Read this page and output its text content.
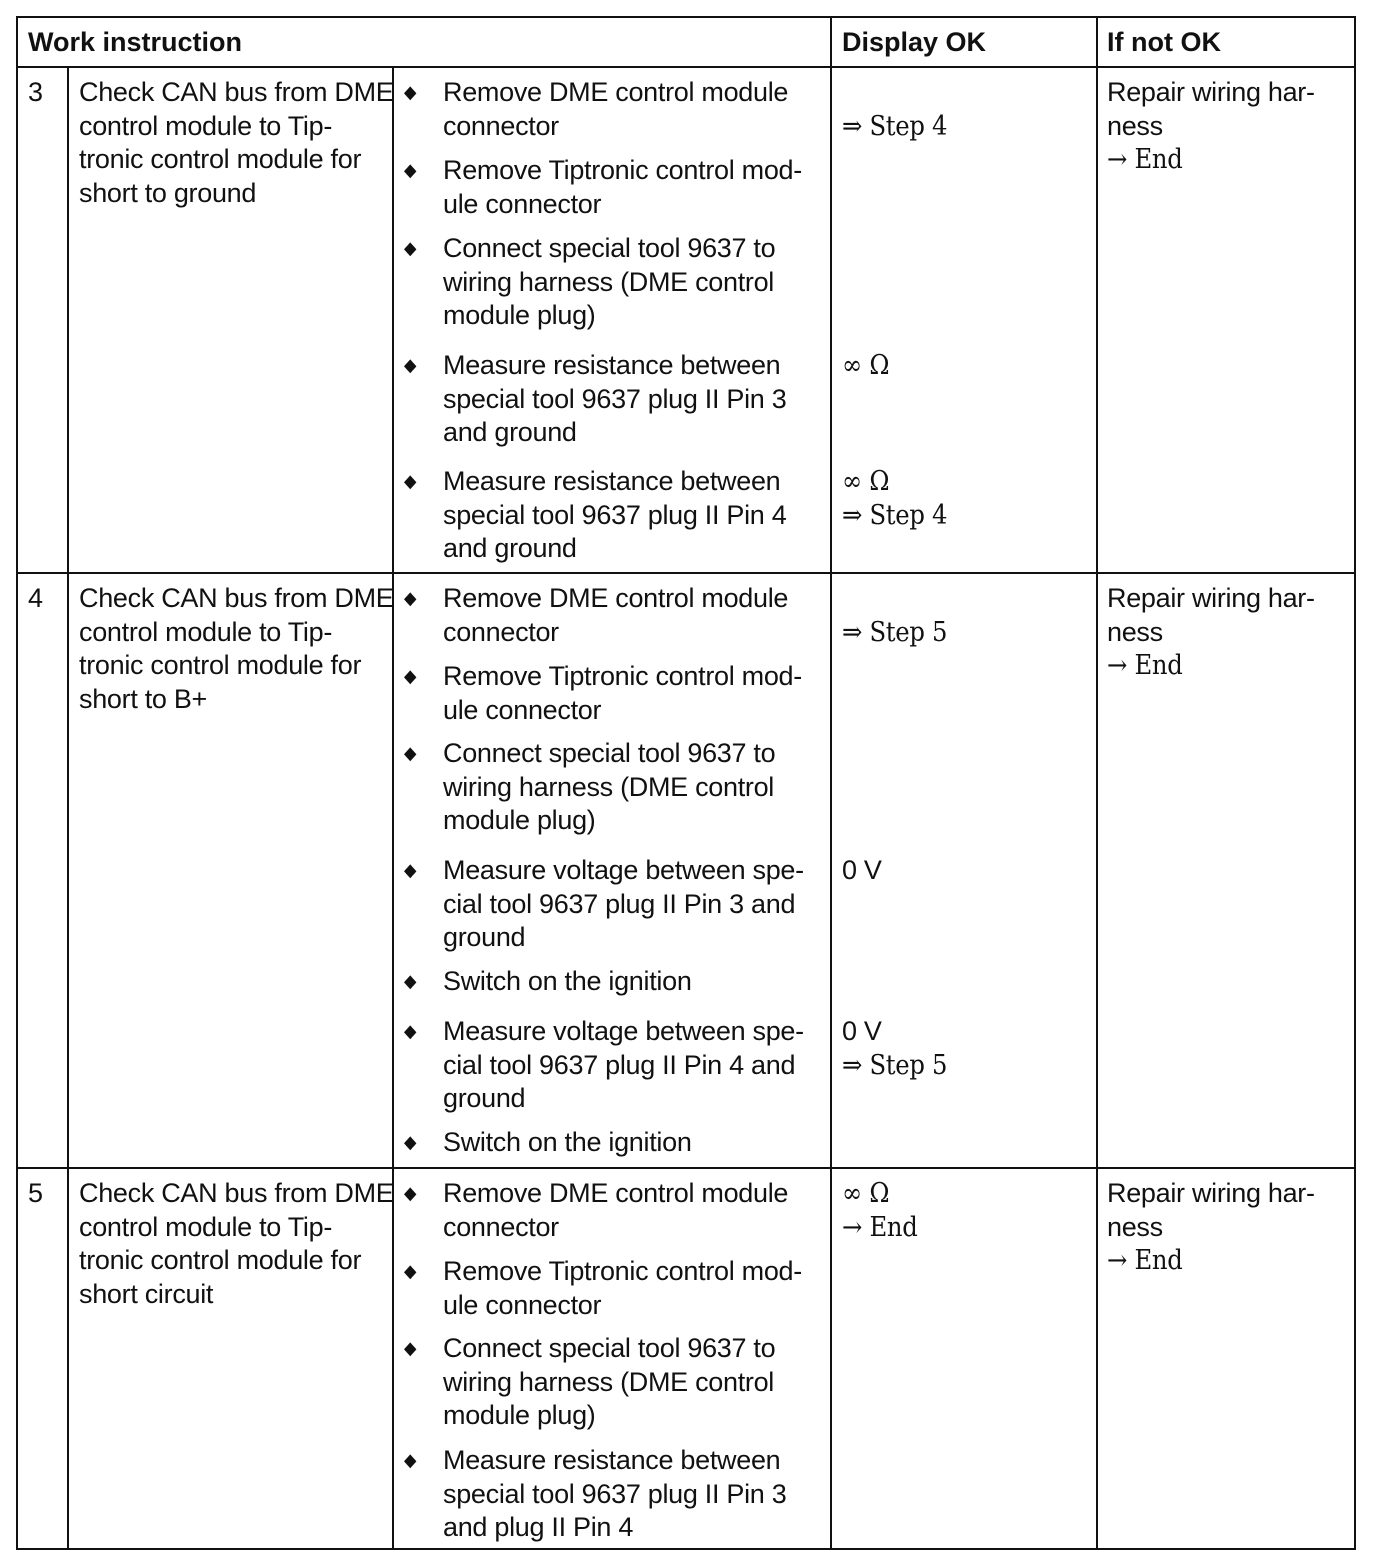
Work instruction	Display OK	If not OK
3 Check CAN bus from DME
control module to Tip-
tronic control module for
short to ground
◆ Remove DME control module
connector
◆ Remove Tiptronic control mod-
ule connector
◆ Connect special tool 9637 to
wiring harness (DME control
module plug)
◆ Measure resistance between
special tool 9637 plug II Pin 3
and ground
◆ Measure resistance between
special tool 9637 plug II Pin 4
and ground
⇒ Step 4
∞ Ω
∞ Ω
⇒ Step 4
Repair wiring har-
ness
→ End
4 Check CAN bus from DME
control module to Tip-
tronic control module for
short to B+
◆ Remove DME control module
connector
◆ Remove Tiptronic control mod-
ule connector
◆ Connect special tool 9637 to
wiring harness (DME control
module plug)
◆ Measure voltage between spe-
cial tool 9637 plug II Pin 3 and
ground
◆ Switch on the ignition
◆ Measure voltage between spe-
cial tool 9637 plug II Pin 4 and
ground
◆ Switch on the ignition
⇒ Step 5
0 V
0 V
⇒ Step 5
Repair wiring har-
ness
→ End
5 Check CAN bus from DME
control module to Tip-
tronic control module for
short circuit
◆ Remove DME control module
connector
◆ Remove Tiptronic control mod-
ule connector
◆ Connect special tool 9637 to
wiring harness (DME control
module plug)
◆ Measure resistance between
special tool 9637 plug II Pin 3
and plug II Pin 4
∞ Ω
→ End
Repair wiring har-
ness
→ End
